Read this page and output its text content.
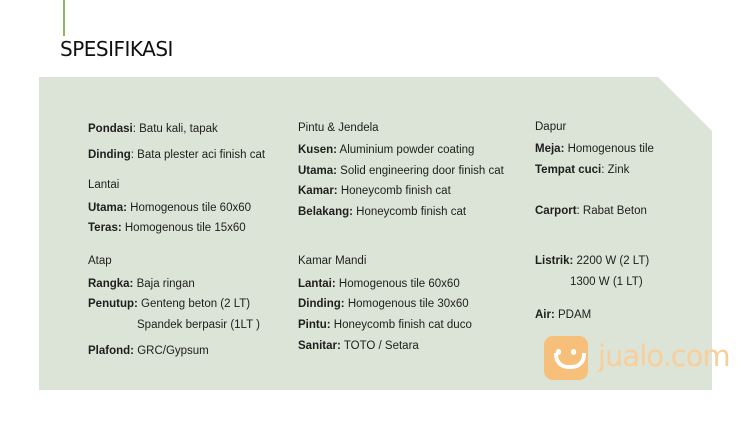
SPESIFIKASI
Pondasi: Batu kali, tapak
Dinding: Bata plester aci finish cat
Lantai
Utama: Homogenous tile 60x60
Teras: Homogenous tile 15x60
Atap
Rangka: Baja ringan
Penutup: Genteng beton (2 LT)
Spandek berpasir (1LT )
Plafond: GRC/Gypsum
Pintu & Jendela
Kusen: Aluminium powder coating
Utama: Solid engineering door finish cat
Kamar: Honeycomb finish cat
Belakang: Honeycomb finish cat
Kamar Mandi
Lantai: Homogenous tile 60x60
Dinding: Homogenous tile 30x60
Pintu: Honeycomb finish cat duco
Sanitar: TOTO / Setara
Dapur
Meja: Homogenous tile
Tempat cuci: Zink
Carport: Rabat Beton
Listrik: 2200 W (2 LT)
1300 W (1 LT)
Air: PDAM
jualo.com
